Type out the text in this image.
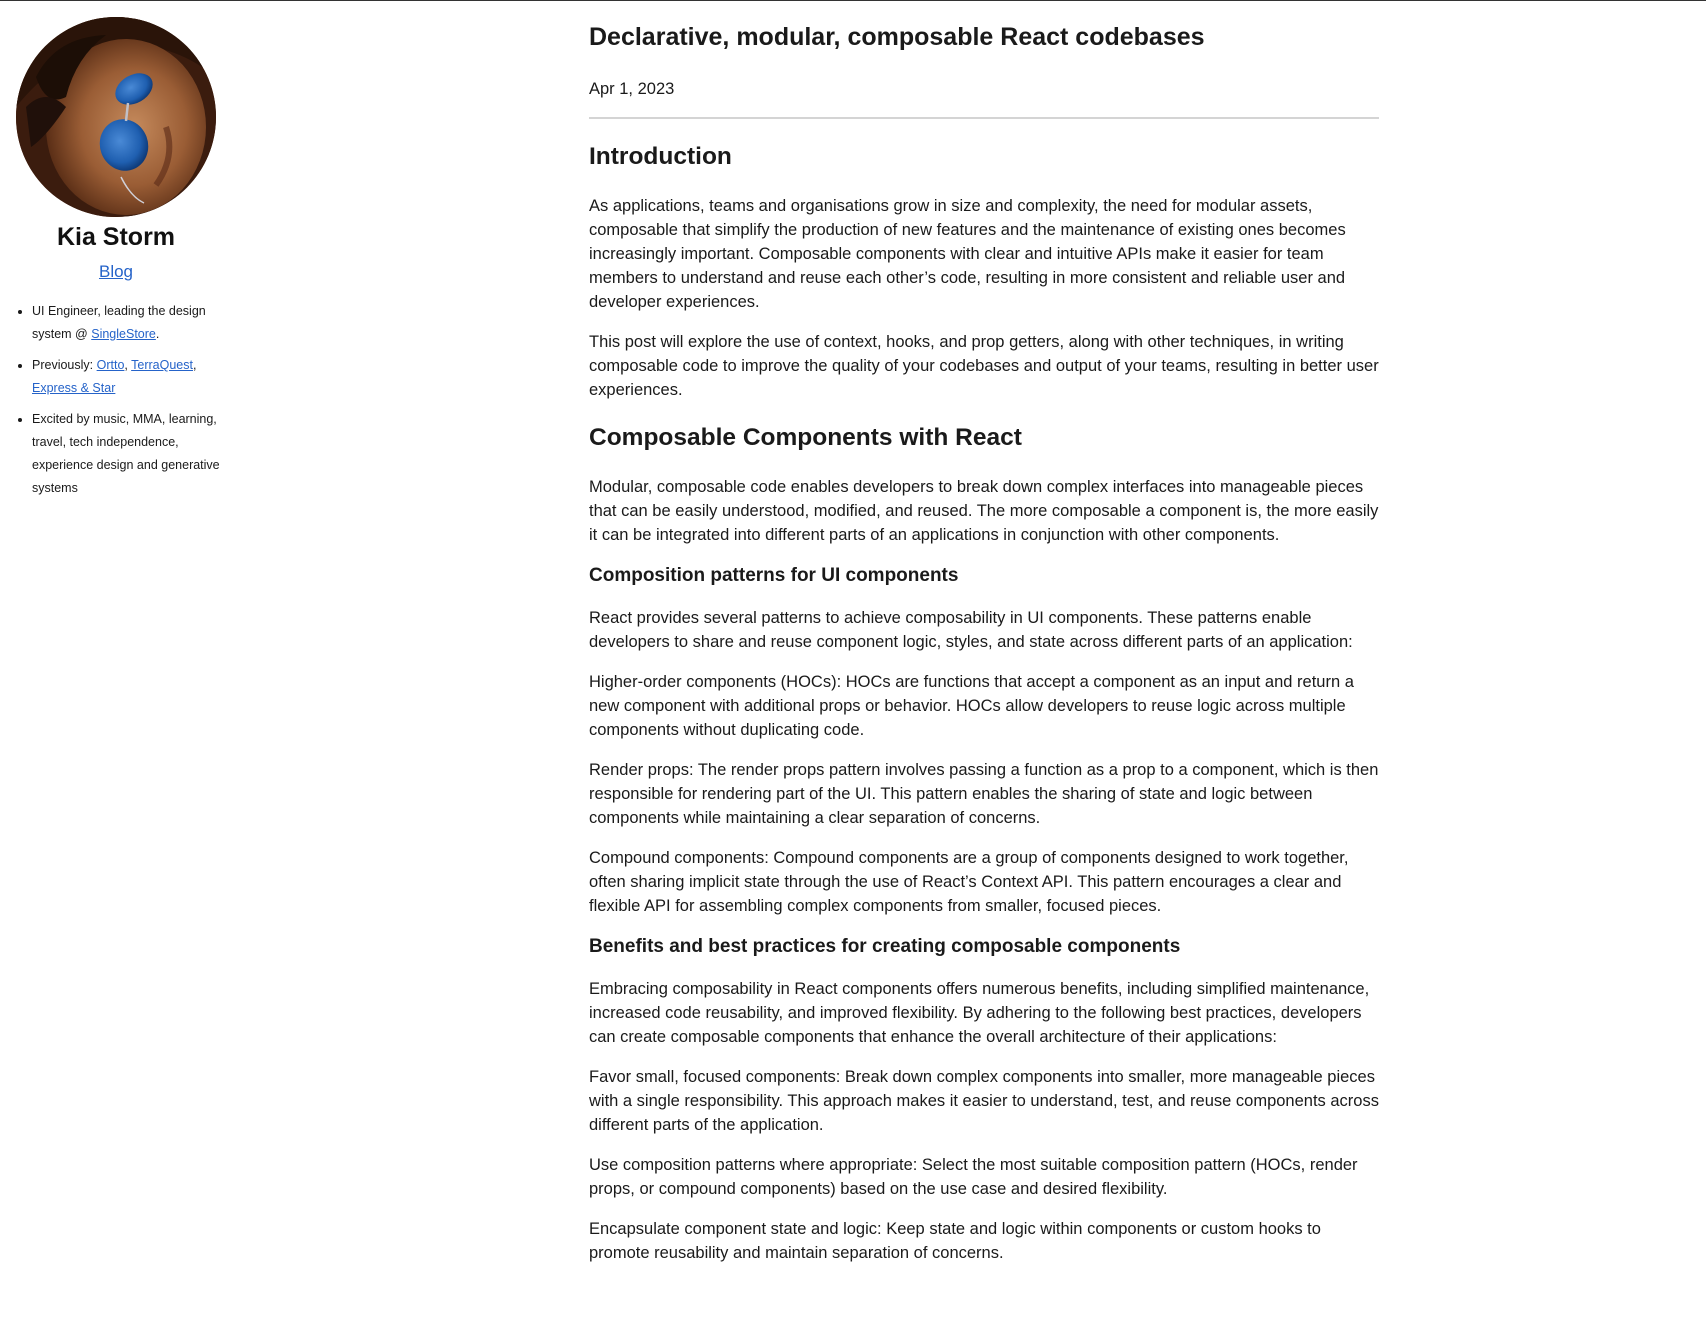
Kia Storm
Blog
• UI Engineer, leading the design system @ SingleStore.
• Previously: Ortto, TerraQuest, Express & Star
• Excited by music, MMA, learning, travel, tech independence, experience design and generative systems
Declarative, modular, composable React codebases
Apr 1, 2023
Introduction

As applications, teams and organisations grow in size and complexity, the need for modular assets, composable that simplify the production of new features and the maintenance of existing ones becomes increasingly important. Composable components with clear and intuitive APIs make it easier for team members to understand and reuse each other’s code, resulting in more consistent and reliable user and developer experiences.

This post will explore the use of context, hooks, and prop getters, along with other techniques, in writing composable code to improve the quality of your codebases and output of your teams, resulting in better user experiences.

Composable Components with React

Modular, composable code enables developers to break down complex interfaces into manageable pieces that can be easily understood, modified, and reused. The more composable a component is, the more easily it can be integrated into different parts of an applications in conjunction with other components.

Composition patterns for UI components

React provides several patterns to achieve composability in UI components. These patterns enable developers to share and reuse component logic, styles, and state across different parts of an application:

Higher-order components (HOCs): HOCs are functions that accept a component as an input and return a new component with additional props or behavior. HOCs allow developers to reuse logic across multiple components without duplicating code.

Render props: The render props pattern involves passing a function as a prop to a component, which is then responsible for rendering part of the UI. This pattern enables the sharing of state and logic between components while maintaining a clear separation of concerns.

Compound components: Compound components are a group of components designed to work together, often sharing implicit state through the use of React’s Context API. This pattern encourages a clear and flexible API for assembling complex components from smaller, focused pieces.

Benefits and best practices for creating composable components

Embracing composability in React components offers numerous benefits, including simplified maintenance, increased code reusability, and improved flexibility. By adhering to the following best practices, developers can create composable components that enhance the overall architecture of their applications:

Favor small, focused components: Break down complex components into smaller, more manageable pieces with a single responsibility. This approach makes it easier to understand, test, and reuse components across different parts of the application.

Use composition patterns where appropriate: Select the most suitable composition pattern (HOCs, render props, or compound components) based on the use case and desired flexibility.

Encapsulate component state and logic: Keep state and logic within components or custom hooks to promote reusability and maintain separation of concerns.
